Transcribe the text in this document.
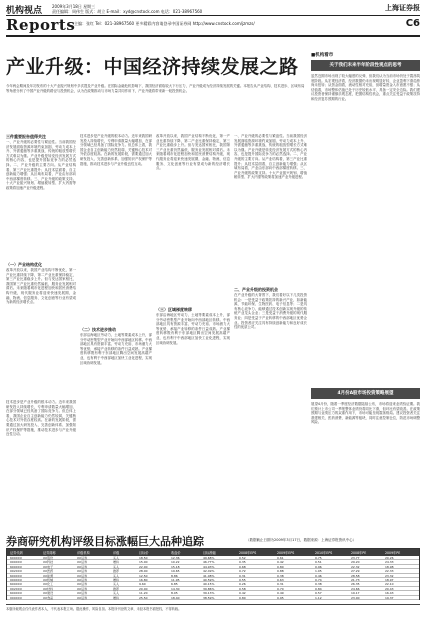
机构视点	2009年3月18日 星期三
责任编辑：周伟生 版式：胡立 E-mail：xyd@cnstock.com 电话：021-38967560	上海证券报
Reports
主编：张红 Tel：021-38967560 更多精彩内容请登录中国证券网 http://www.cnstock.com/jzmzs/	C6
产业升级：中国经济持续发展之路
今年两会期间及年初发布的十大产业振兴规划中多次提及产业升级。在国际金融危机影响下，我国经济面临较大下行压力，产业升级成为经济持续发展的关键。本报告从产业结构、技术进步、区域布局等角度分析了中国产业升级的路径与投资机会，认为在政策推动与市场力量共同作用下，产业升级将带来新一轮投资机会。
三件重要报告值得关注
一、产业升级的必要性与紧迫性。当前我国经济发展面临资源环境约束加剧、劳动力成本上升、外需萎缩等多重挑战，传统的粗放型增长方式难以为继。产业升级是转变经济发展方式的核心内容，也是提升国际竞争力的必然选择。二、产业升级的主要方向。从产业结构看，第三产业比重提升；从技术层面看，自主创新能力增强；从区域布局看，产业由东部向中西部梯度转移。三、产业升级的政策支持。十大产业振兴规划、增值税转型、扩大内需等政策将加速产业升级进程。
（一）产业结构优化
改革开放以来，我国产业结构不断优化，第一产业比重持续下降，第二产业比重保持稳定，第三产业比重稳步上升。但与发达国家相比，我国第三产业比重仍然偏低，服务业发展相对滞后。未来随着城市化进程加快和居民消费结构升级，现代服务业将迎来快速发展期，金融、物流、信息服务、文化创意等行业有望成为新的经济增长点。
技术进步是产业升级的根本动力。近年来我国研发投入持续增长，专利申请数量大幅增加，在部分领域已经具备了国际竞争力。但总体上看，我国企业自主创新能力仍然较弱，关键核心技术对外依存度较高。在新的发展阶段，需要通过加大研发投入、完善创新体系、加强知识产权保护等措施，推动技术进步与产业升级良性互动。
技术进步是产业升级的根本动力。近年来我国研发投入持续增长，专利申请数量大幅增加，在部分领域已经具备了国际竞争力。但总体上看，我国企业自主创新能力仍然较弱，关键核心技术对外依存度较高。在新的发展阶段，需要通过加大研发投入、完善创新体系、加强知识产权保护等措施，推动技术进步与产业升级良性互动。
（二）技术进步推动
东部沿海地区劳动力、土地等要素成本上升，部分劳动密集型产业开始向中西部地区转移。中西部地区具有资源丰富、劳动力充裕、市场潜力大等优势，承接产业转移的条件日益成熟。产业梯度转移既有利于东部地区腾出空间发展高端产业，也有利于中西部地区加快工业化进程，实现区域协调发展。
改革开放以来，我国产业结构不断优化，第一产业比重持续下降，第二产业比重保持稳定，第三产业比重稳步上升。但与发达国家相比，我国第三产业比重仍然偏低，服务业发展相对滞后。未来随着城市化进程加快和居民消费结构升级，现代服务业将迎来快速发展期，金融、物流、信息服务、文化创意等行业有望成为新的经济增长点。
（三）区域梯度转移
东部沿海地区劳动力、土地等要素成本上升，部分劳动密集型产业开始向中西部地区转移。中西部地区具有资源丰富、劳动力充裕、市场潜力大等优势，承接产业转移的条件日益成熟。产业梯度转移既有利于东部地区腾出空间发展高端产业，也有利于中西部地区加快工业化进程，实现区域协调发展。
一、产业升级的必要性与紧迫性。当前我国经济发展面临资源环境约束加剧、劳动力成本上升、外需萎缩等多重挑战，传统的粗放型增长方式难以为继。产业升级是转变经济发展方式的核心内容，也是提升国际竞争力的必然选择。二、产业升级的主要方向。从产业结构看，第三产业比重提升；从技术层面看，自主创新能力增强；从区域布局看，产业由东部向中西部梯度转移。三、产业升级的政策支持。十大产业振兴规划、增值税转型、扩大内需等政策将加速产业升级进程。
二、产业升级的投资机会
在产业升级的大背景下，我们看好以下几类投资机会：一是受益于政策扶持的新兴产业，如新能源、节能环保、生物医药、电子信息等；二是具有核心竞争力、能够通过技术创新实现升级的传统产业龙头企业；三是受益于消费升级的现代服务业；四是受益于产业转移的中西部地区优势企业。投资者应关注具有持续创新能力和良好成长性的优质公司。
■机构看市
关于我们未来半年阶段性观点的思考
虽然近期市场出现了较大幅度的反弹，但我们认为当前市场仍处于震荡筑底阶段。从宏观经济看，经济数据仍未出现明显好转，企业盈利下滑趋势尚未扭转；从资金面看，流动性相对充裕，但增量资金入市意愿不强；从估值看，市场整体估值已处于历史较低水平，具备一定安全边际。我们建议投资者保持谨慎乐观态度，把握结构性机会，重点关注受益于政策扶持和经济复苏预期的行业。
4月份A股市场投资策略展望
展望4月份，随着一季度经济数据陆续公布，市场将迎来业绩验证期。我们预计上市公司一季报整体业绩仍将同比下滑，但环比有望改善。在政策预期与业绩压力的双重作用下，市场可能呈现震荡格局。建议投资者关注基建相关、医药消费、新能源等板块，同时注意控制仓位，防范市场调整风险。
券商研究机构评级目标涨幅巨大品种追踪	（数据截止日期为2009年3月17日，数据来源：上海证券报资讯中心）
证券代码	证券简称	评级机构	评级	目标价	收盘价	目标涨幅	2008年EPS	2009年EPS	2010年EPS	2008年PE	2009年PE
600XXX	XX股份	XX证券	买入	18.50	12.36	49.68%	0.52	0.61	0.75	23.77	20.26
000XXX	XX科技	XX证券	增持	15.00	10.22	46.77%	0.35	0.42	0.51	29.20	24.33
600XXX	XX电子	XX证券	买入	22.00	15.18	44.93%	0.68	0.80	0.96	22.32	18.98
002XXX	XX医药	XX证券	推荐	28.00	19.65	42.49%	0.72	0.88	1.05	27.29	22.33
600XXX	XX能源	XX证券	买入	12.50	8.86	41.08%	0.31	0.38	0.46	28.58	23.32
000XXX	XX机械	XX证券	增持	16.80	11.95	40.59%	0.55	0.63	0.74	21.73	18.97
600XXX	XX化工	XX证券	买入	9.60	6.85	40.15%	0.26	0.31	0.38	26.35	22.10
002XXX	XX材料	XX证券	推荐	20.00	14.30	39.86%	0.58	0.70	0.84	24.66	20.43
600XXX	XX建设	XX证券	买入	11.20	8.05	39.13%	0.42	0.49	0.57	19.17	16.43
000XXX	XX食品	XX证券	增持	25.50	18.40	38.59%	0.80	0.95	1.12	23.00	19.37
本版所载观点仅代表作者本人，不代表本报立场。据此操作，风险自担。本报所刊登的文章，未经本报书面授权，不得转载。
